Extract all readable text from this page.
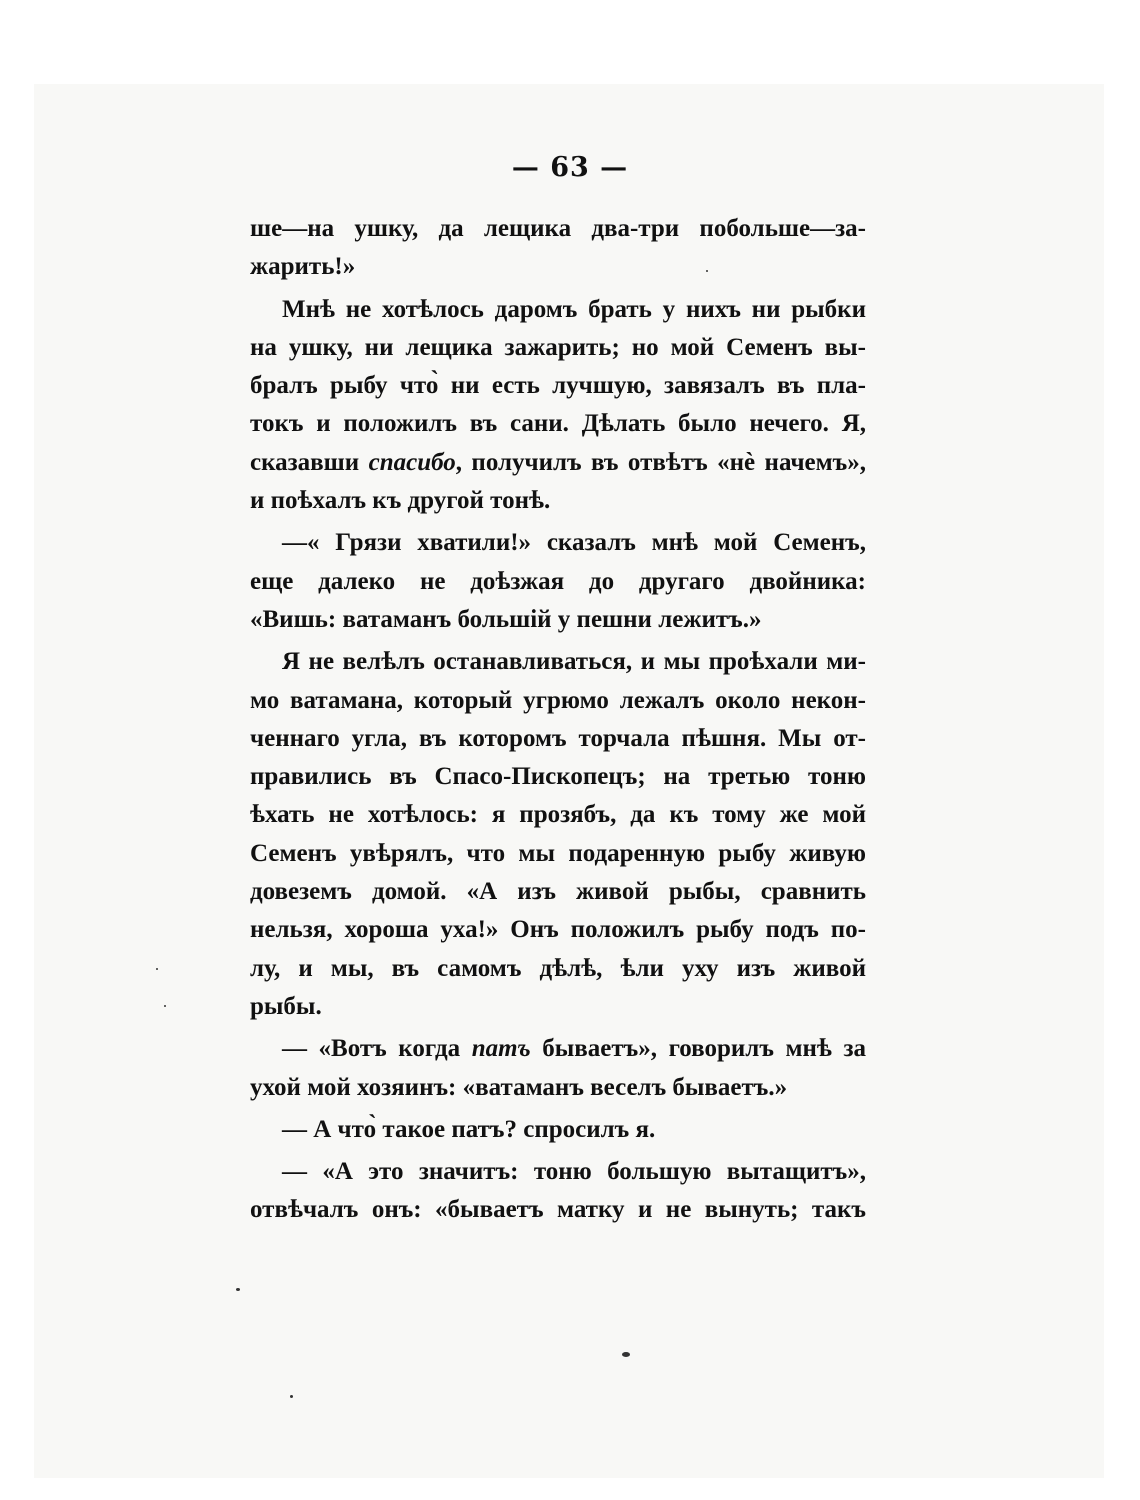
— 63 —
ше—на ушку, да лещика два-три побольше—за-
жарить!»
Мнѣ не хотѣлось даромъ брать у нихъ ни рыбки
на ушку, ни лещика зажарить; но мой Семенъ вы-
бралъ рыбу что̀ ни есть лучшую, завязалъ въ пла-
токъ и положилъ въ сани. Дѣлать было нечего. Я,
сказавши спасибо, получилъ въ отвѣтъ «нѐ начемъ»,
и поѣхалъ къ другой тонѣ.
—« Грязи хватили!» сказалъ мнѣ мой Семенъ,
еще далеко не доѣзжая до другаго двойника:
«Вишь: ватаманъ большій у пешни лежитъ.»
Я не велѣлъ останавливаться, и мы проѣхали ми-
мо ватамана, который угрюмо лежалъ около некон-
ченнаго угла, въ которомъ торчала пѣшня. Мы от-
правились въ Спасо-Пископецъ; на третью тоню
ѣхать не хотѣлось: я прозябъ, да къ тому же мой
Семенъ увѣрялъ, что мы подаренную рыбу живую
довеземъ домой. «А изъ живой рыбы, сравнить
нельзя, хороша уха!» Онъ положилъ рыбу подъ по-
лу, и мы, въ самомъ дѣлѣ, ѣли уху изъ живой
рыбы.
— «Вотъ когда патъ бываетъ», говорилъ мнѣ за
ухой мой хозяинъ: «ватаманъ веселъ бываетъ.»
— А что̀ такое патъ? спросилъ я.
— «А это значитъ: тоню большую вытащитъ»,
отвѣчалъ онъ: «бываетъ матку и не вынуть; такъ
